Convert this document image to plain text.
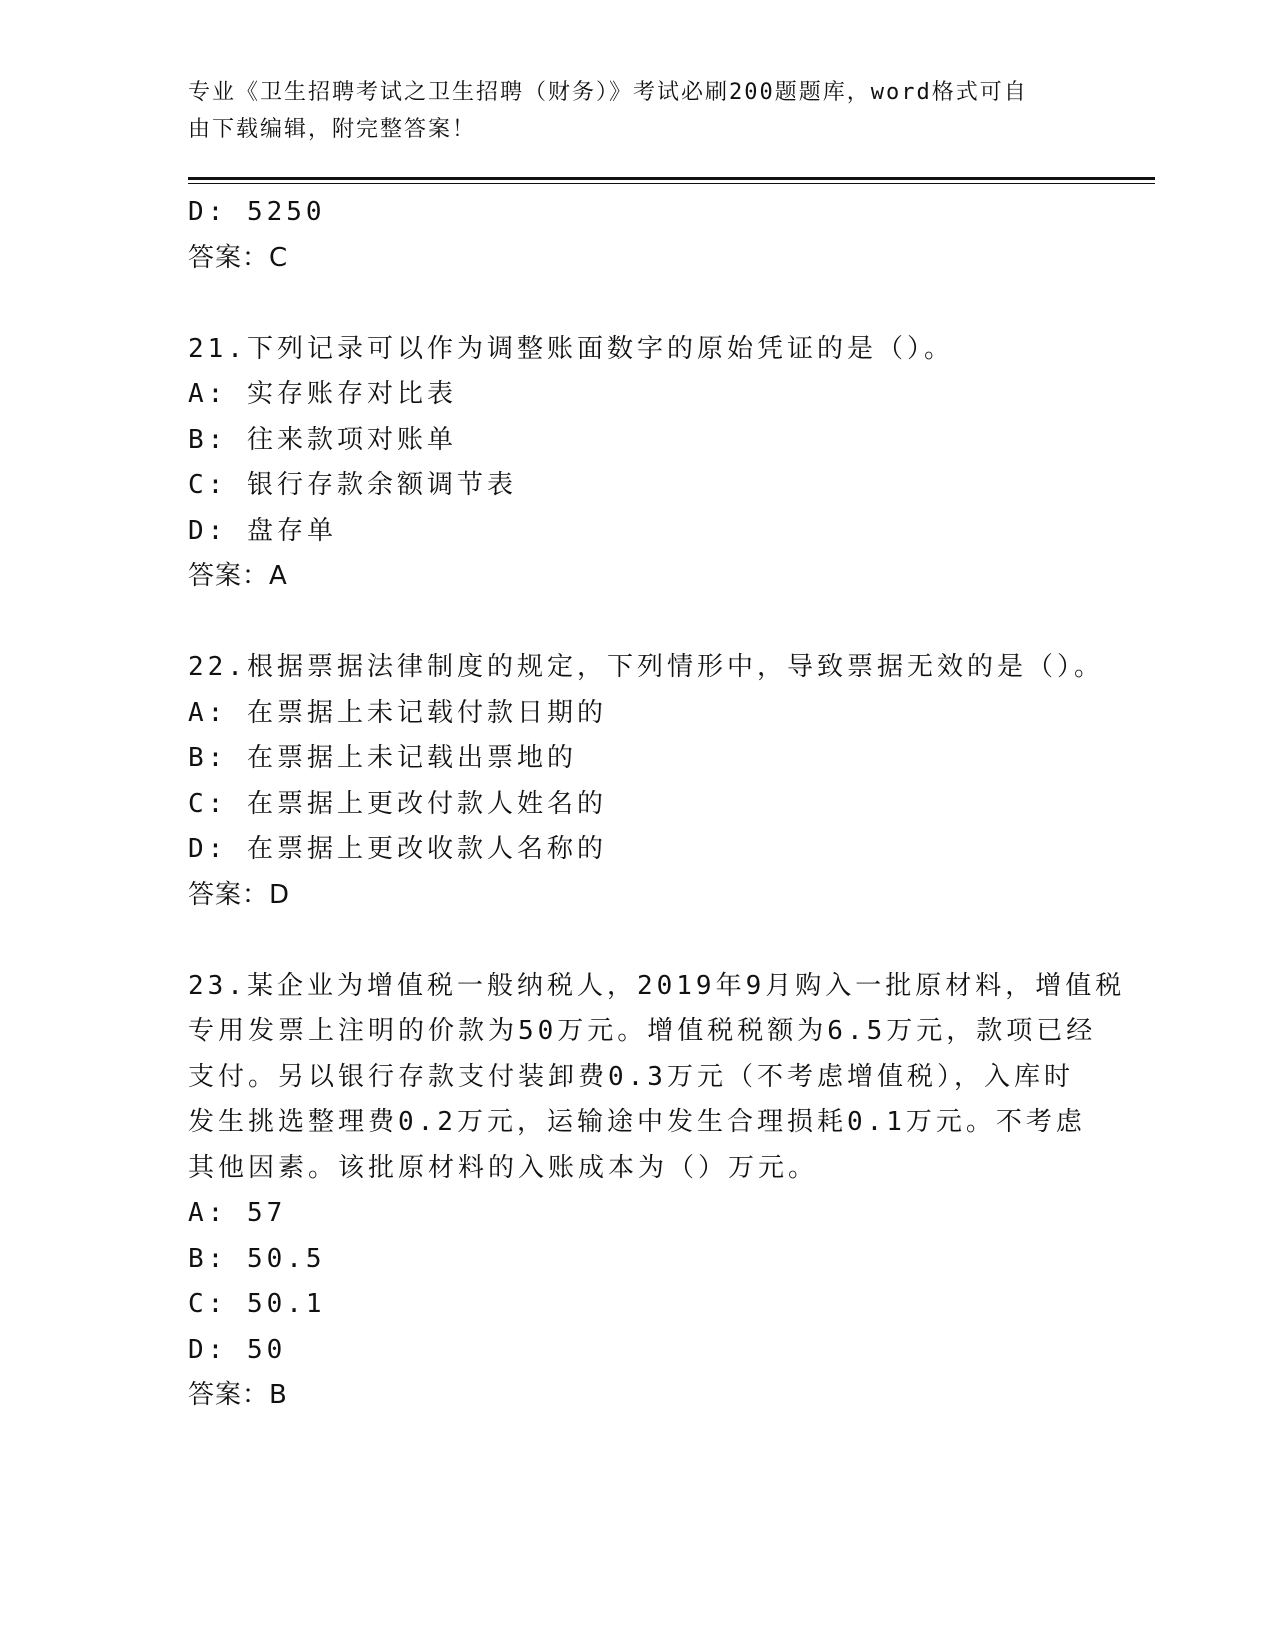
专业《卫生招聘考试之卫生招聘（财务）》考试必刷200题题库，word格式可自
由下载编辑，附完整答案！
D: 5250
答案：C
21.下列记录可以作为调整账面数字的原始凭证的是（）。
A: 实存账存对比表
B: 往来款项对账单
C: 银行存款余额调节表
D: 盘存单
答案：A
22.根据票据法律制度的规定，下列情形中，导致票据无效的是（）。
A: 在票据上未记载付款日期的
B: 在票据上未记载出票地的
C: 在票据上更改付款人姓名的
D: 在票据上更改收款人名称的
答案：D
23.某企业为增值税一般纳税人，2019年9月购入一批原材料，增值税
专用发票上注明的价款为50万元。增值税税额为6.5万元，款项已经
支付。另以银行存款支付装卸费0.3万元（不考虑增值税），入库时
发生挑选整理费0.2万元，运输途中发生合理损耗0.1万元。不考虑
其他因素。该批原材料的入账成本为（）万元。
A: 57
B: 50.5
C: 50.1
D: 50
答案：B
